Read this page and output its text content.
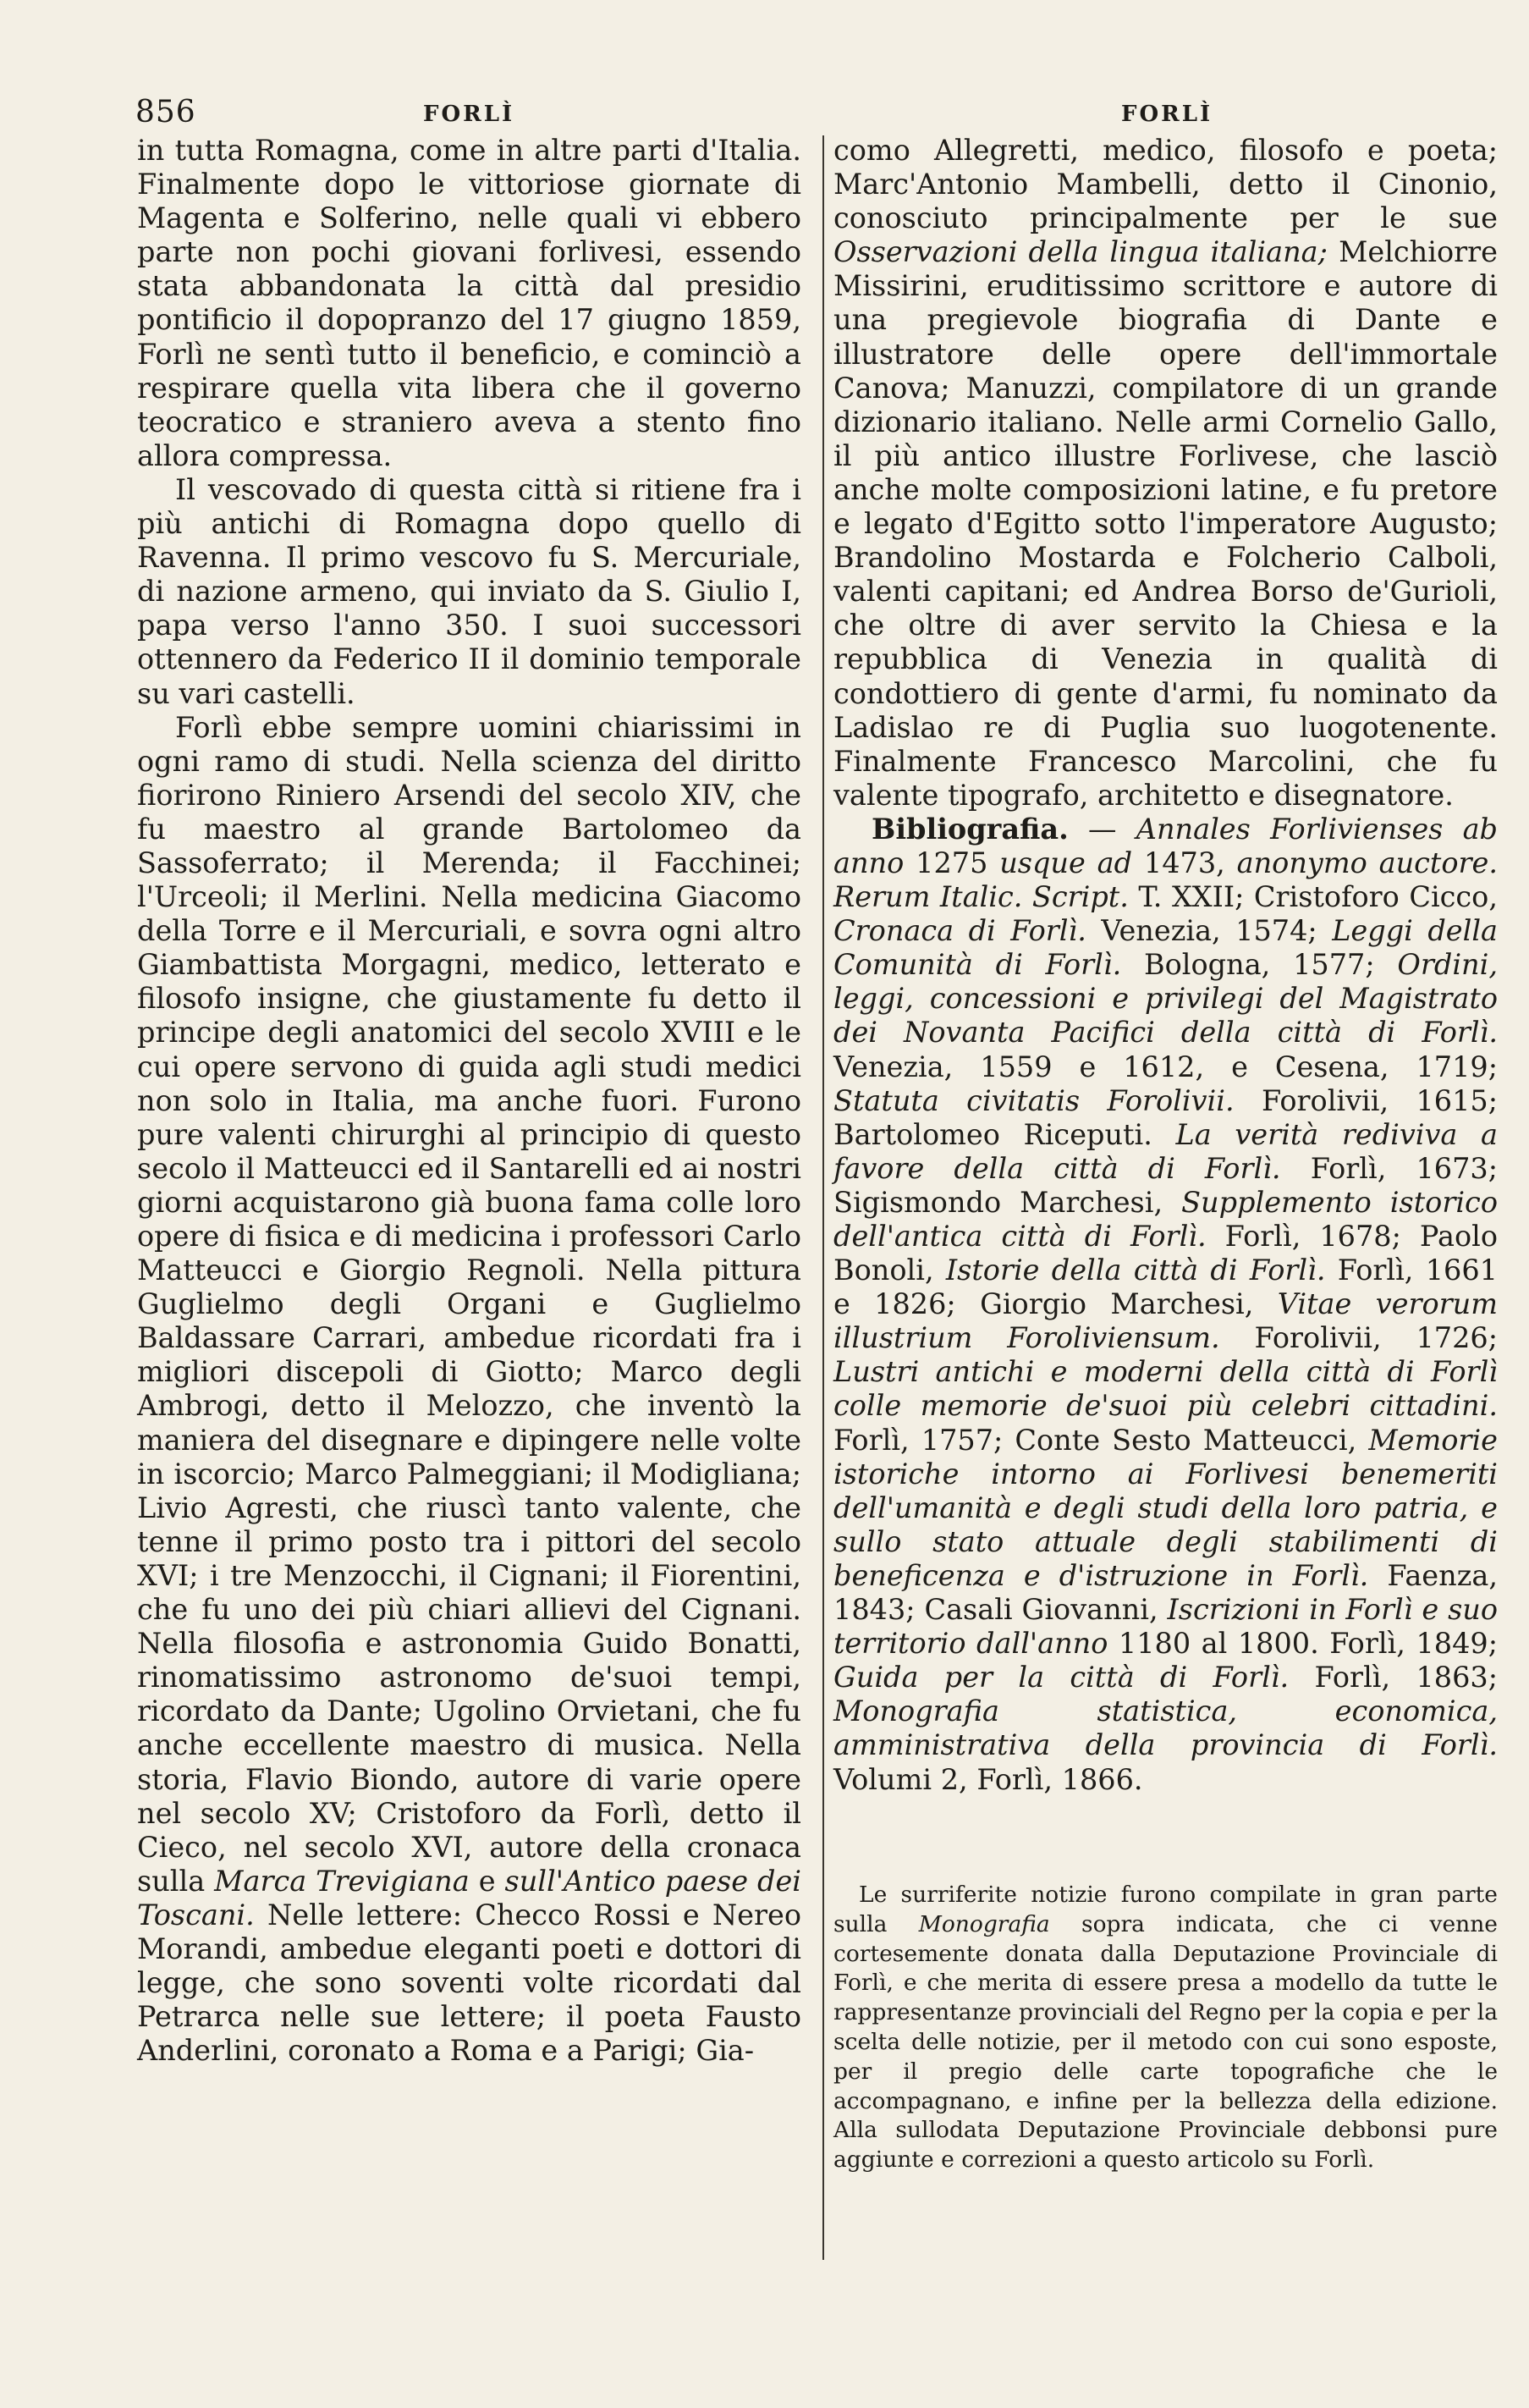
856	FORLÌ	FORLÌ

in tutta Romagna, come in altre parti d'Italia. Finalmente dopo le vittoriose giornate di Magenta e Solferino, nelle quali vi ebbero parte non pochi giovani forlivesi, essendo stata abbandonata la città dal presidio pontificio il dopopranzo del 17 giugno 1859, Forlì ne sentì tutto il beneficio, e cominciò a respirare quella vita libera che il governo teocratico e straniero aveva a stento fino allora compressa.

Il vescovado di questa città si ritiene fra i più antichi di Romagna dopo quello di Ravenna. Il primo vescovo fu S. Mercuriale, di nazione armeno, qui inviato da S. Giulio I, papa verso l'anno 350. I suoi successori ottennero da Federico II il dominio temporale su vari castelli.

Forlì ebbe sempre uomini chiarissimi in ogni ramo di studi. Nella scienza del diritto fiorirono Riniero Arsendi del secolo XIV, che fu maestro al grande Bartolomeo da Sassoferrato; il Merenda; il Facchinei; l'Urceoli; il Merlini. Nella medicina Giacomo della Torre e il Mercuriali, e sovra ogni altro Giambattista Morgagni, medico, letterato e filosofo insigne, che giustamente fu detto il principe degli anatomici del secolo XVIII e le cui opere servono di guida agli studi medici non solo in Italia, ma anche fuori. Furono pure valenti chirurghi al principio di questo secolo il Matteucci ed il Santarelli ed ai nostri giorni acquistarono già buona fama colle loro opere di fisica e di medicina i professori Carlo Matteucci e Giorgio Regnoli. Nella pittura Guglielmo degli Organi e Guglielmo Baldassare Carrari, ambedue ricordati fra i migliori discepoli di Giotto; Marco degli Ambrogi, detto il Melozzo, che inventò la maniera del disegnare e dipingere nelle volte in iscorcio; Marco Palmeggiani; il Modigliana; Livio Agresti, che riuscì tanto valente, che tenne il primo posto tra i pittori del secolo XVI; i tre Menzocchi, il Cignani; il Fiorentini, che fu uno dei più chiari allievi del Cignani. Nella filosofia e astronomia Guido Bonatti, rinomatissimo astronomo de'suoi tempi, ricordato da Dante; Ugolino Orvietani, che fu anche eccellente maestro di musica. Nella storia, Flavio Biondo, autore di varie opere nel secolo XV; Cristoforo da Forlì, detto il Cieco, nel secolo XVI, autore della cronaca sulla Marca Trevigiana e sull'Antico paese dei Toscani. Nelle lettere: Checco Rossi e Nereo Morandi, ambedue eleganti poeti e dottori di legge, che sono soventi volte ricordati dal Petrarca nelle sue lettere; il poeta Fausto Anderlini, coronato a Roma e a Parigi; Gia-

como Allegretti, medico, filosofo e poeta; Marc'Antonio Mambelli, detto il Cinonio, conosciuto principalmente per le sue Osservazioni della lingua italiana; Melchiorre Missirini, eruditissimo scrittore e autore di una pregievole biografia di Dante e illustratore delle opere dell'immortale Canova; Manuzzi, compilatore di un grande dizionario italiano. Nelle armi Cornelio Gallo, il più antico illustre Forlivese, che lasciò anche molte composizioni latine, e fu pretore e legato d'Egitto sotto l'imperatore Augusto; Brandolino Mostarda e Folcherio Calboli, valenti capitani; ed Andrea Borso de'Gurioli, che oltre di aver servito la Chiesa e la repubblica di Venezia in qualità di condottiero di gente d'armi, fu nominato da Ladislao re di Puglia suo luogotenente. Finalmente Francesco Marcolini, che fu valente tipografo, architetto e disegnatore.

Bibliografia. — Annales Forlivienses ab anno 1275 usque ad 1473, anonymo auctore. Rerum Italic. Script. T. XXII; Cristoforo Cicco, Cronaca di Forlì. Venezia, 1574; Leggi della Comunità di Forlì. Bologna, 1577; Ordini, leggi, concessioni e privilegi del Magistrato dei Novanta Pacifici della città di Forlì. Venezia, 1559 e 1612, e Cesena, 1719; Statuta civitatis Forolivii. Forolivii, 1615; Bartolomeo Riceputi. La verità rediviva a favore della città di Forlì. Forlì, 1673; Sigismondo Marchesi, Supplemento istorico dell'antica città di Forlì. Forlì, 1678; Paolo Bonoli, Istorie della città di Forlì. Forlì, 1661 e 1826; Giorgio Marchesi, Vitae verorum illustrium Foroliviensum. Forolivii, 1726; Lustri antichi e moderni della città di Forlì colle memorie de'suoi più celebri cittadini. Forlì, 1757; Conte Sesto Matteucci, Memorie istoriche intorno ai Forlivesi benemeriti dell'umanità e degli studi della loro patria, e sullo stato attuale degli stabilimenti di beneficenza e d'istruzione in Forlì. Faenza, 1843; Casali Giovanni, Iscrizioni in Forlì e suo territorio dall'anno 1180 al 1800. Forlì, 1849; Guida per la città di Forlì. Forlì, 1863; Monografia statistica, economica, amministrativa della provincia di Forlì. Volumi 2, Forlì, 1866.

Le surriferite notizie furono compilate in gran parte sulla Monografia sopra indicata, che ci venne cortesemente donata dalla Deputazione Provinciale di Forlì, e che merita di essere presa a modello da tutte le rappresentanze provinciali del Regno per la copia e per la scelta delle notizie, per il metodo con cui sono esposte, per il pregio delle carte topografiche che le accompagnano, e infine per la bellezza della edizione. Alla sullodata Deputazione Provinciale debbonsi pure aggiunte e correzioni a questo articolo su Forlì.
